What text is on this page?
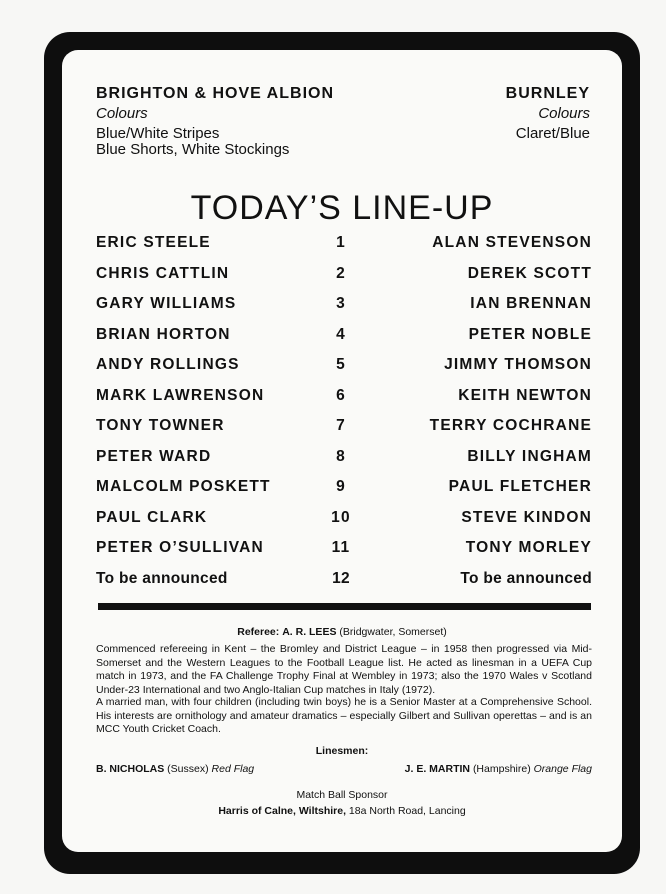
BRIGHTON & HOVE ALBION
Colours
Blue/White Stripes
Blue Shorts, White Stockings
BURNLEY
Colours
Claret/Blue
TODAY’S LINE-UP
ERIC STEELE	1	ALAN STEVENSON
CHRIS CATTLIN	2	DEREK SCOTT
GARY WILLIAMS	3	IAN BRENNAN
BRIAN HORTON	4	PETER NOBLE
ANDY ROLLINGS	5	JIMMY THOMSON
MARK LAWRENSON	6	KEITH NEWTON
TONY TOWNER	7	TERRY COCHRANE
PETER WARD	8	BILLY INGHAM
MALCOLM POSKETT	9	PAUL FLETCHER
PAUL CLARK	10	STEVE KINDON
PETER O’SULLIVAN	11	TONY MORLEY
To be announced	12	To be announced
Referee: A. R. LEES (Bridgwater, Somerset)
Commenced refereeing in Kent – the Bromley and District League – in 1958 then progressed via Mid-Somerset and the Western Leagues to the Football League list. He acted as linesman in a UEFA Cup match in 1973, and the FA Challenge Trophy Final at Wembley in 1973; also the 1970 Wales v Scotland Under-23 International and two Anglo-Italian Cup matches in Italy (1972).
A married man, with four children (including twin boys) he is a Senior Master at a Comprehensive School. His interests are ornithology and amateur dramatics – especially Gilbert and Sullivan operettas – and is an MCC Youth Cricket Coach.
Linesmen:
B. NICHOLAS (Sussex) Red Flag	J. E. MARTIN (Hampshire) Orange Flag
Match Ball Sponsor
Harris of Calne, Wiltshire, 18a North Road, Lancing
